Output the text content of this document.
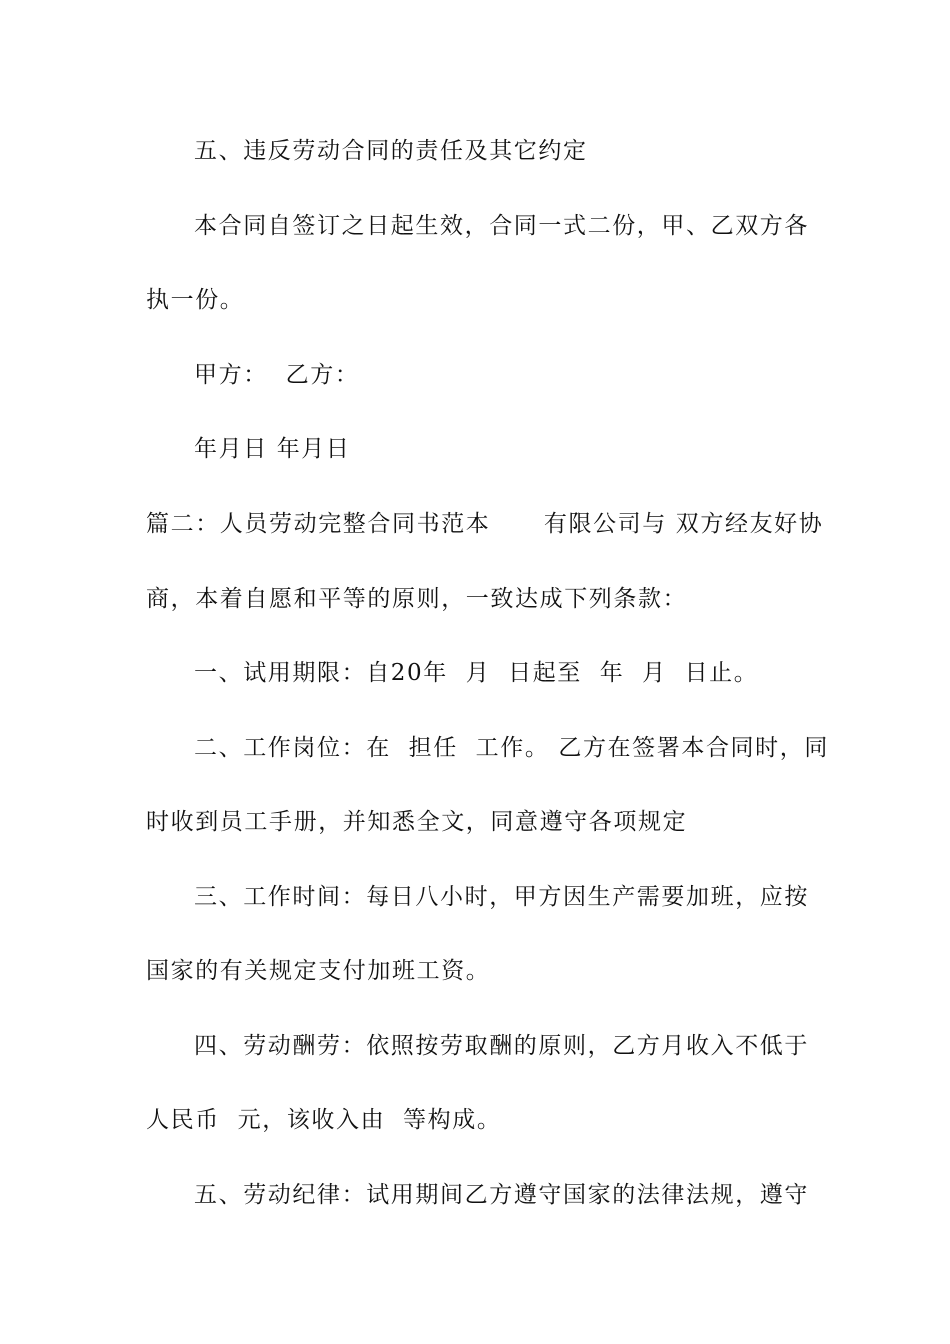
五、违反劳动合同的责任及其它约定
本合同自签订之日起生效，合同一式二份，甲、乙双方各
执一份。
甲方：  乙方：
年月日 年月日
篇二：人员劳动完整合同书范本      有限公司与 双方经友好协
商，本着自愿和平等的原则，一致达成下列条款：
一、试用期限：自20年  月  日起至  年  月  日止。
二、工作岗位：在  担任  工作。 乙方在签署本合同时，同
时收到员工手册，并知悉全文，同意遵守各项规定
三、工作时间：每日八小时，甲方因生产需要加班，应按
国家的有关规定支付加班工资。
四、劳动酬劳：依照按劳取酬的原则，乙方月收入不低于
人民币  元，该收入由  等构成。
五、劳动纪律：试用期间乙方遵守国家的法律法规，遵守
